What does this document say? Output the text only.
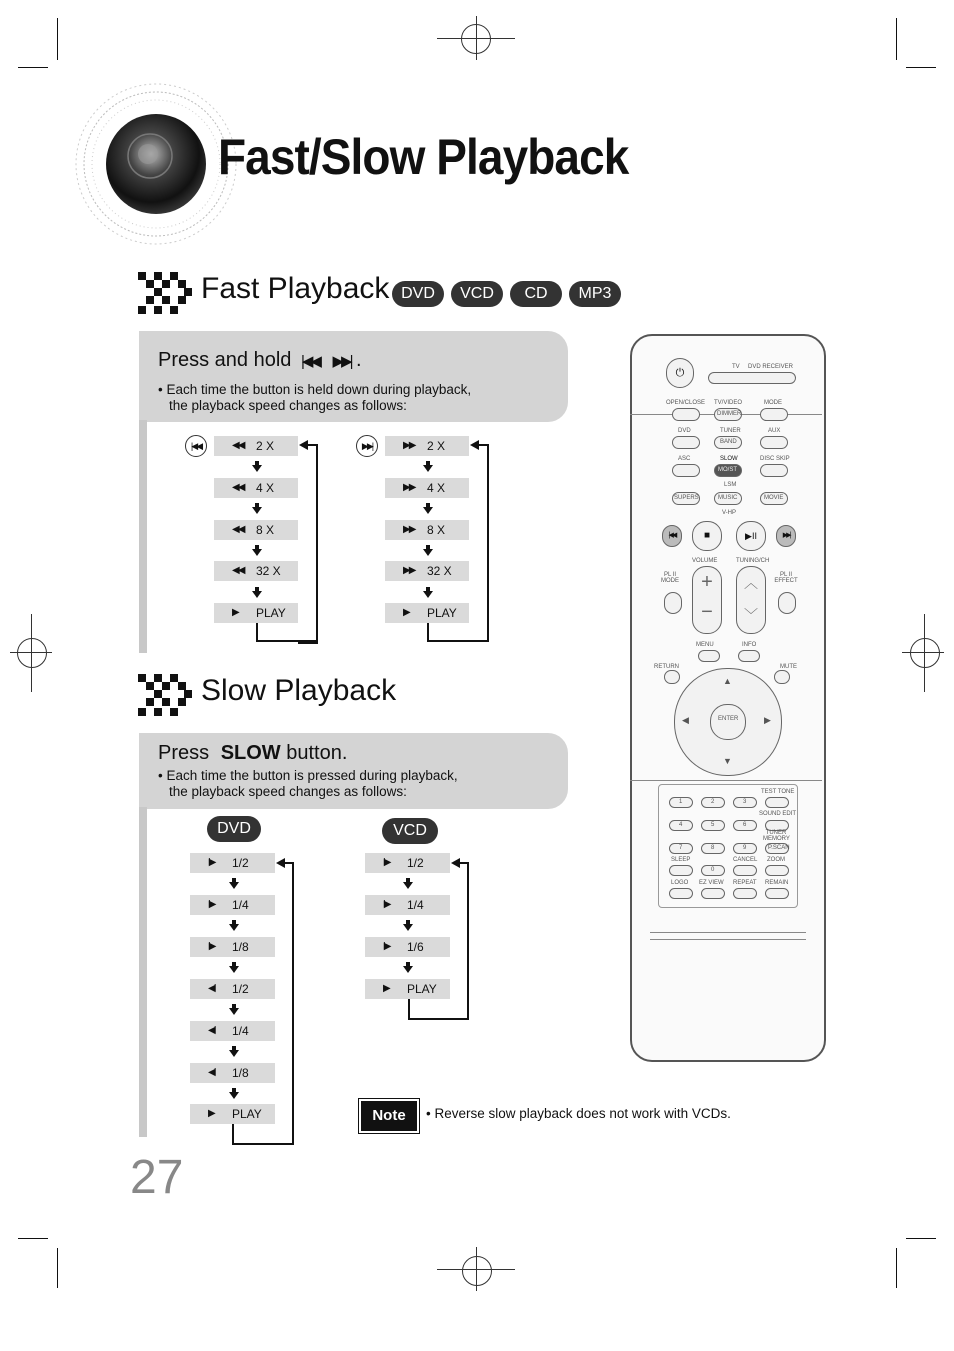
Fast/Slow Playback
Fast Playback DVD	VCD	CD	MP3
Press and hold |◀◀ ▶▶| .
• Each time the button is held down during playback,
the playback speed changes as follows:
|◀◀	◀◀ 2 X
◀◀ 4 X
◀◀ 8 X
◀◀ 32 X
▶ PLAY
▶▶|	▶▶ 2 X
▶▶ 4 X
▶▶ 8 X
▶▶ 32 X
▶ PLAY
Slow Playback
Press SLOW button.
• Each time the button is pressed during playback,
the playback speed changes as follows:
DVD	VCD
I▶ 1/2
I▶ 1/4
I▶ 1/8
◀I 1/2
◀I 1/4
◀I 1/8
▶ PLAY
I▶ 1/2
I▶ 1/4
I▶ 1/6
▶ PLAY
Note	• Reverse slow playback does not work with VCDs.
27
⏻	TV DVD RECEIVER
OPEN/CLOSE TV/VIDEO	MODE
DIMMER
DVD	TUNER	AUX
BAND
ASC	SLOW	DISC SKIP
MO/ST
LSM
SUPERS	MUSIC	MOVIE
V-HP
|◀◀	■	▶II	▶▶|
VOLUME	TUNING/CH
PL II MODE
PL II EFFECT
+
−
︿
﹀
MENU	INFO
RETURN	MUTE
▲
▼
◀	▶
ENTER
TEST TONE
1	2	3
SOUND EDIT
4	5	6
TUNER MEMORY
7	8	9	P.SCAN
SLEEP	CANCEL ZOOM
0
LOGO EZ VIEW REPEAT REMAIN
